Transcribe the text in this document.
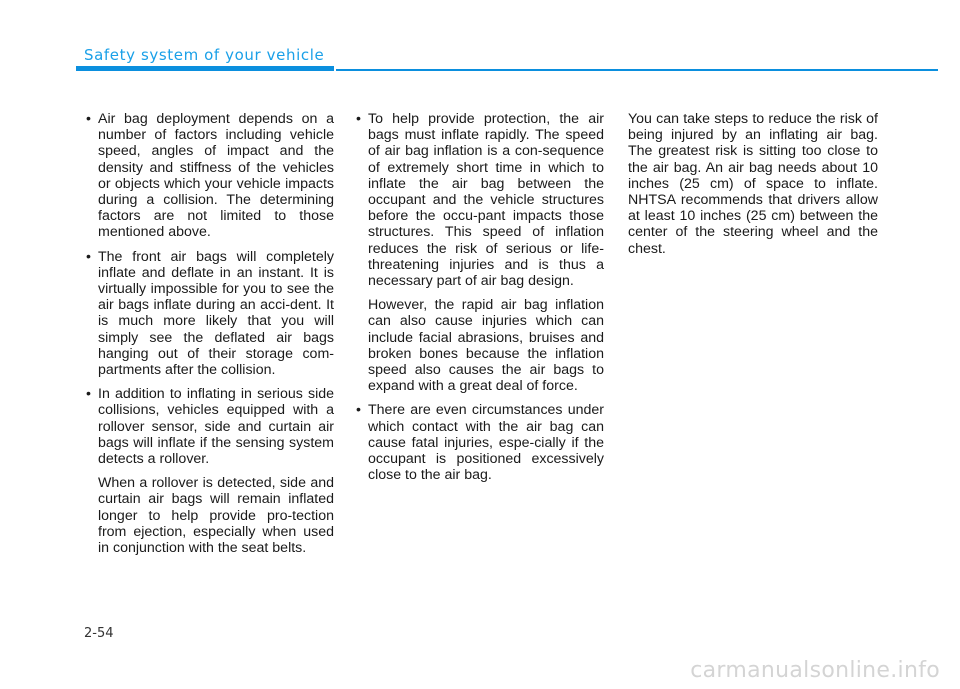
Safety system of your vehicle
• Air bag deployment depends on a number of factors including vehicle speed, angles of impact and the density and stiffness of the vehicles or objects which your vehicle impacts during a collision. The determining factors are not limited to those mentioned above.
• The front air bags will completely inflate and deflate in an instant. It is virtually impossible for you to see the air bags inflate during an acci-dent. It is much more likely that you will simply see the deflated air bags hanging out of their storage com-partments after the collision.
• In addition to inflating in serious side collisions, vehicles equipped with a rollover sensor, side and curtain air bags will inflate if the sensing system detects a rollover.

When a rollover is detected, side and curtain air bags will remain inflated longer to help provide pro-tection from ejection, especially when used in conjunction with the seat belts.

• To help provide protection, the air bags must inflate rapidly. The speed of air bag inflation is a con-sequence of extremely short time in which to inflate the air bag between the occupant and the vehicle structures before the occu-pant impacts those structures. This speed of inflation reduces the risk of serious or life-threatening injuries and is thus a necessary part of air bag design.

However, the rapid air bag inflation can also cause injuries which can include facial abrasions, bruises and broken bones because the inflation speed also causes the air bags to expand with a great deal of force.

• There are even circumstances under which contact with the air bag can cause fatal injuries, espe-cially if the occupant is positioned excessively close to the air bag.

You can take steps to reduce the risk of being injured by an inflating air bag. The greatest risk is sitting too close to the air bag. An air bag needs about 10 inches (25 cm) of space to inflate. NHTSA recommends that drivers allow at least 10 inches (25 cm) between the center of the steering wheel and the chest.

2-54
carmanualsonline.info
